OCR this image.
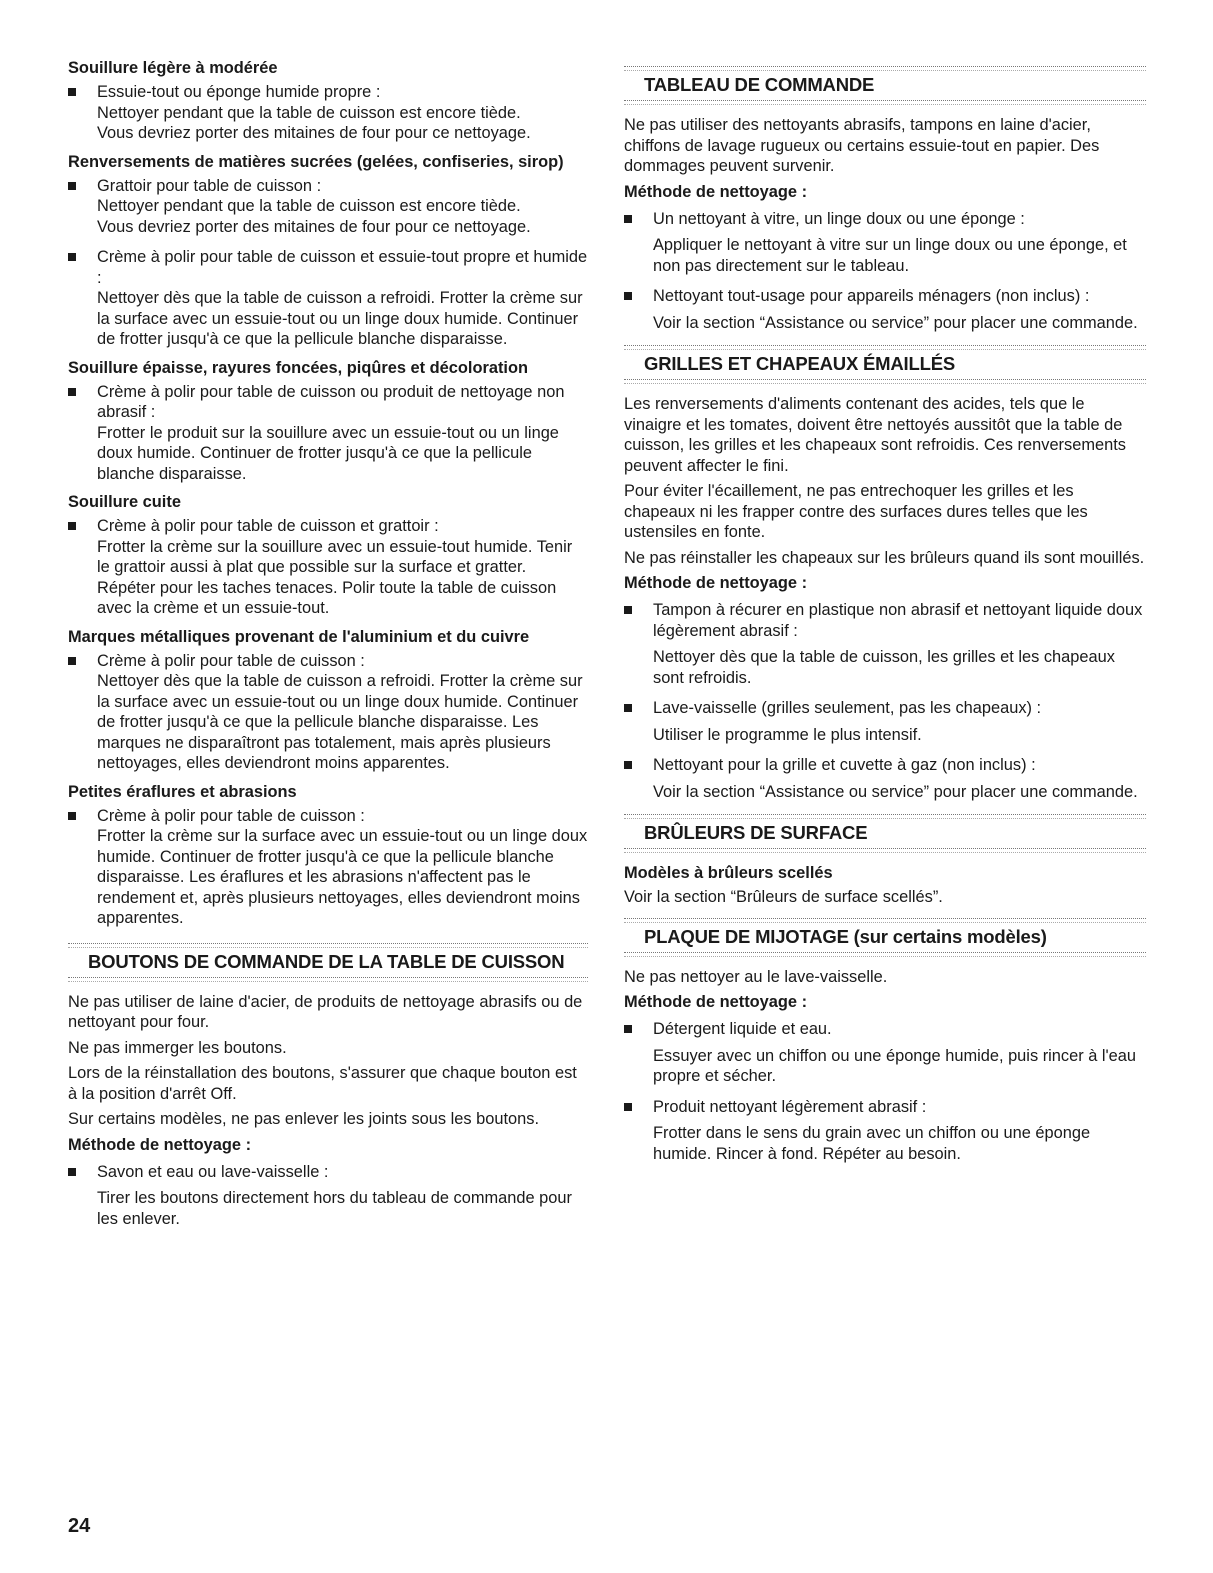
Souillure légère à modérée
Essuie-tout ou éponge humide propre :
Nettoyer pendant que la table de cuisson est encore tiède.
Vous devriez porter des mitaines de four pour ce nettoyage.
Renversements de matières sucrées (gelées, confiseries, sirop)
Grattoir pour table de cuisson :
Nettoyer pendant que la table de cuisson est encore tiède.
Vous devriez porter des mitaines de four pour ce nettoyage.
Crème à polir pour table de cuisson et essuie-tout propre et humide :
Nettoyer dès que la table de cuisson a refroidi. Frotter la crème sur la surface avec un essuie-tout ou un linge doux humide. Continuer de frotter jusqu'à ce que la pellicule blanche disparaisse.
Souillure épaisse, rayures foncées, piqûres et décoloration
Crème à polir pour table de cuisson ou produit de nettoyage non abrasif :
Frotter le produit sur la souillure avec un essuie-tout ou un linge doux humide. Continuer de frotter jusqu'à ce que la pellicule blanche disparaisse.
Souillure cuite
Crème à polir pour table de cuisson et grattoir :
Frotter la crème sur la souillure avec un essuie-tout humide. Tenir le grattoir aussi à plat que possible sur la surface et gratter. Répéter pour les taches tenaces. Polir toute la table de cuisson avec la crème et un essuie-tout.
Marques métalliques provenant de l'aluminium et du cuivre
Crème à polir pour table de cuisson :
Nettoyer dès que la table de cuisson a refroidi. Frotter la crème sur la surface avec un essuie-tout ou un linge doux humide. Continuer de frotter jusqu'à ce que la pellicule blanche disparaisse. Les marques ne disparaîtront pas totalement, mais après plusieurs nettoyages, elles deviendront moins apparentes.
Petites éraflures et abrasions
Crème à polir pour table de cuisson :
Frotter la crème sur la surface avec un essuie-tout ou un linge doux humide. Continuer de frotter jusqu'à ce que la pellicule blanche disparaisse. Les éraflures et les abrasions n'affectent pas le rendement et, après plusieurs nettoyages, elles deviendront moins apparentes.
BOUTONS DE COMMANDE DE LA TABLE DE CUISSON

Ne pas utiliser de laine d'acier, de produits de nettoyage abrasifs ou de nettoyant pour four.

Ne pas immerger les boutons.

Lors de la réinstallation des boutons, s'assurer que chaque bouton est à la position d'arrêt Off.

Sur certains modèles, ne pas enlever les joints sous les boutons.

Méthode de nettoyage :
Savon et eau ou lave-vaisselle :
Tirer les boutons directement hors du tableau de commande pour les enlever.
TABLEAU DE COMMANDE

Ne pas utiliser des nettoyants abrasifs, tampons en laine d'acier, chiffons de lavage rugueux ou certains essuie-tout en papier. Des dommages peuvent survenir.

Méthode de nettoyage :
Un nettoyant à vitre, un linge doux ou une éponge :
Appliquer le nettoyant à vitre sur un linge doux ou une éponge, et non pas directement sur le tableau.
Nettoyant tout-usage pour appareils ménagers (non inclus) :
Voir la section “Assistance ou service” pour placer une commande.
GRILLES ET CHAPEAUX ÉMAILLÉS

Les renversements d'aliments contenant des acides, tels que le vinaigre et les tomates, doivent être nettoyés aussitôt que la table de cuisson, les grilles et les chapeaux sont refroidis. Ces renversements peuvent affecter le fini.

Pour éviter l'écaillement, ne pas entrechoquer les grilles et les chapeaux ni les frapper contre des surfaces dures telles que les ustensiles en fonte.

Ne pas réinstaller les chapeaux sur les brûleurs quand ils sont mouillés.

Méthode de nettoyage :
Tampon à récurer en plastique non abrasif et nettoyant liquide doux légèrement abrasif :
Nettoyer dès que la table de cuisson, les grilles et les chapeaux sont refroidis.
Lave-vaisselle (grilles seulement, pas les chapeaux) :
Utiliser le programme le plus intensif.
Nettoyant pour la grille et cuvette à gaz (non inclus) :
Voir la section “Assistance ou service” pour placer une commande.
BRÛLEURS DE SURFACE
Modèles à brûleurs scellés

Voir la section “Brûleurs de surface scellés”.

PLAQUE DE MIJOTAGE (sur certains modèles)

Ne pas nettoyer au le lave-vaisselle.

Méthode de nettoyage :
Détergent liquide et eau.
Essuyer avec un chiffon ou une éponge humide, puis rincer à l'eau propre et sécher.
Produit nettoyant légèrement abrasif :
Frotter dans le sens du grain avec un chiffon ou une éponge humide. Rincer à fond. Répéter au besoin.
24
